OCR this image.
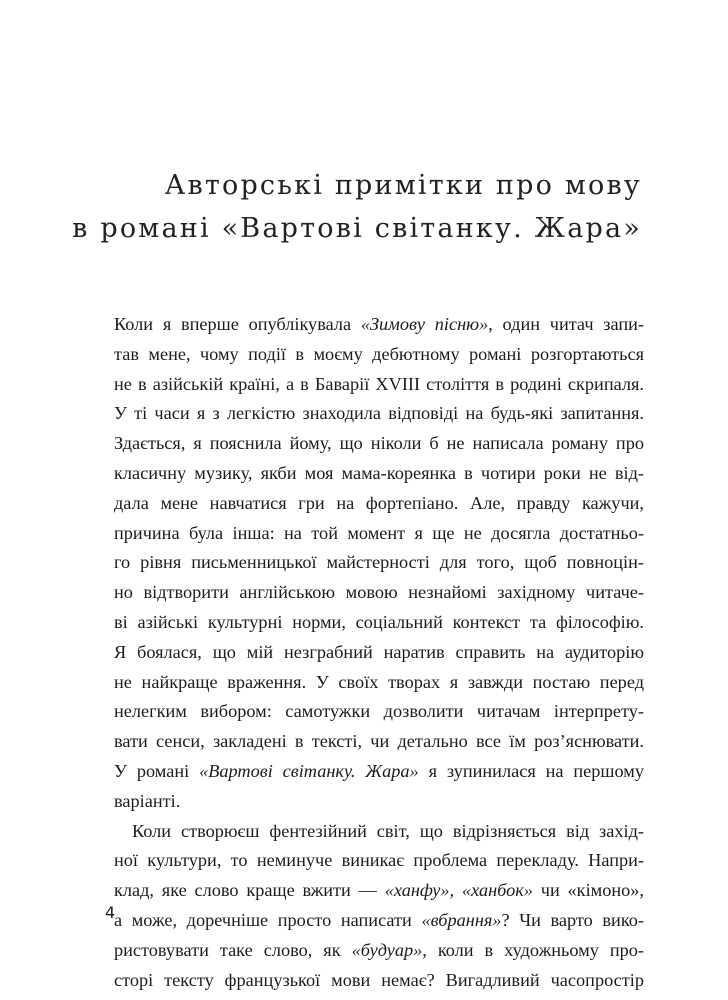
Авторські примітки про мову
в романі «Вартові світанку. Жара»
Коли я вперше опублікувала «Зимову пісню», один читач запи-
тав мене, чому події в моєму дебютному романі розгортаються
не в азійській країні, а в Баварії XVIII століття в родині скрипаля.
У ті часи я з легкістю знаходила відповіді на будь-які запитання.
Здається, я пояснила йому, що ніколи б не написала роману про
класичну музику, якби моя мама-кореянка в чотири роки не від-
дала мене навчатися гри на фортепіано. Але, правду кажучи,
причина була інша: на той момент я ще не досягла достатньо-
го рівня письменницької майстерності для того, щоб повноцін-
но відтворити англійською мовою незнайомі західному читаче-
ві азійські культурні норми, соціальний контекст та філософію.
Я боялася, що мій незграбний наратив справить на аудиторію
не найкраще враження. У своїх творах я завжди постаю перед
нелегким вибором: самотужки дозволити читачам інтерпрету-
вати сенси, закладені в тексті, чи детально все їм роз’яснювати.
У романі «Вартові світанку. Жара» я зупинилася на першому
варіанті.
Коли створюєш фентезійний світ, що відрізняється від захід-
ної культури, то неминуче виникає проблема перекладу. Напри-
клад, яке слово краще вжити — «ханфу», «ханбок» чи «кімоно»,
а може, доречніше просто написати «вбрання»? Чи варто вико-
ристовувати таке слово, як «будуар», коли в художньому про-
сторі тексту французької мови немає? Вигадливий часопростір
4
